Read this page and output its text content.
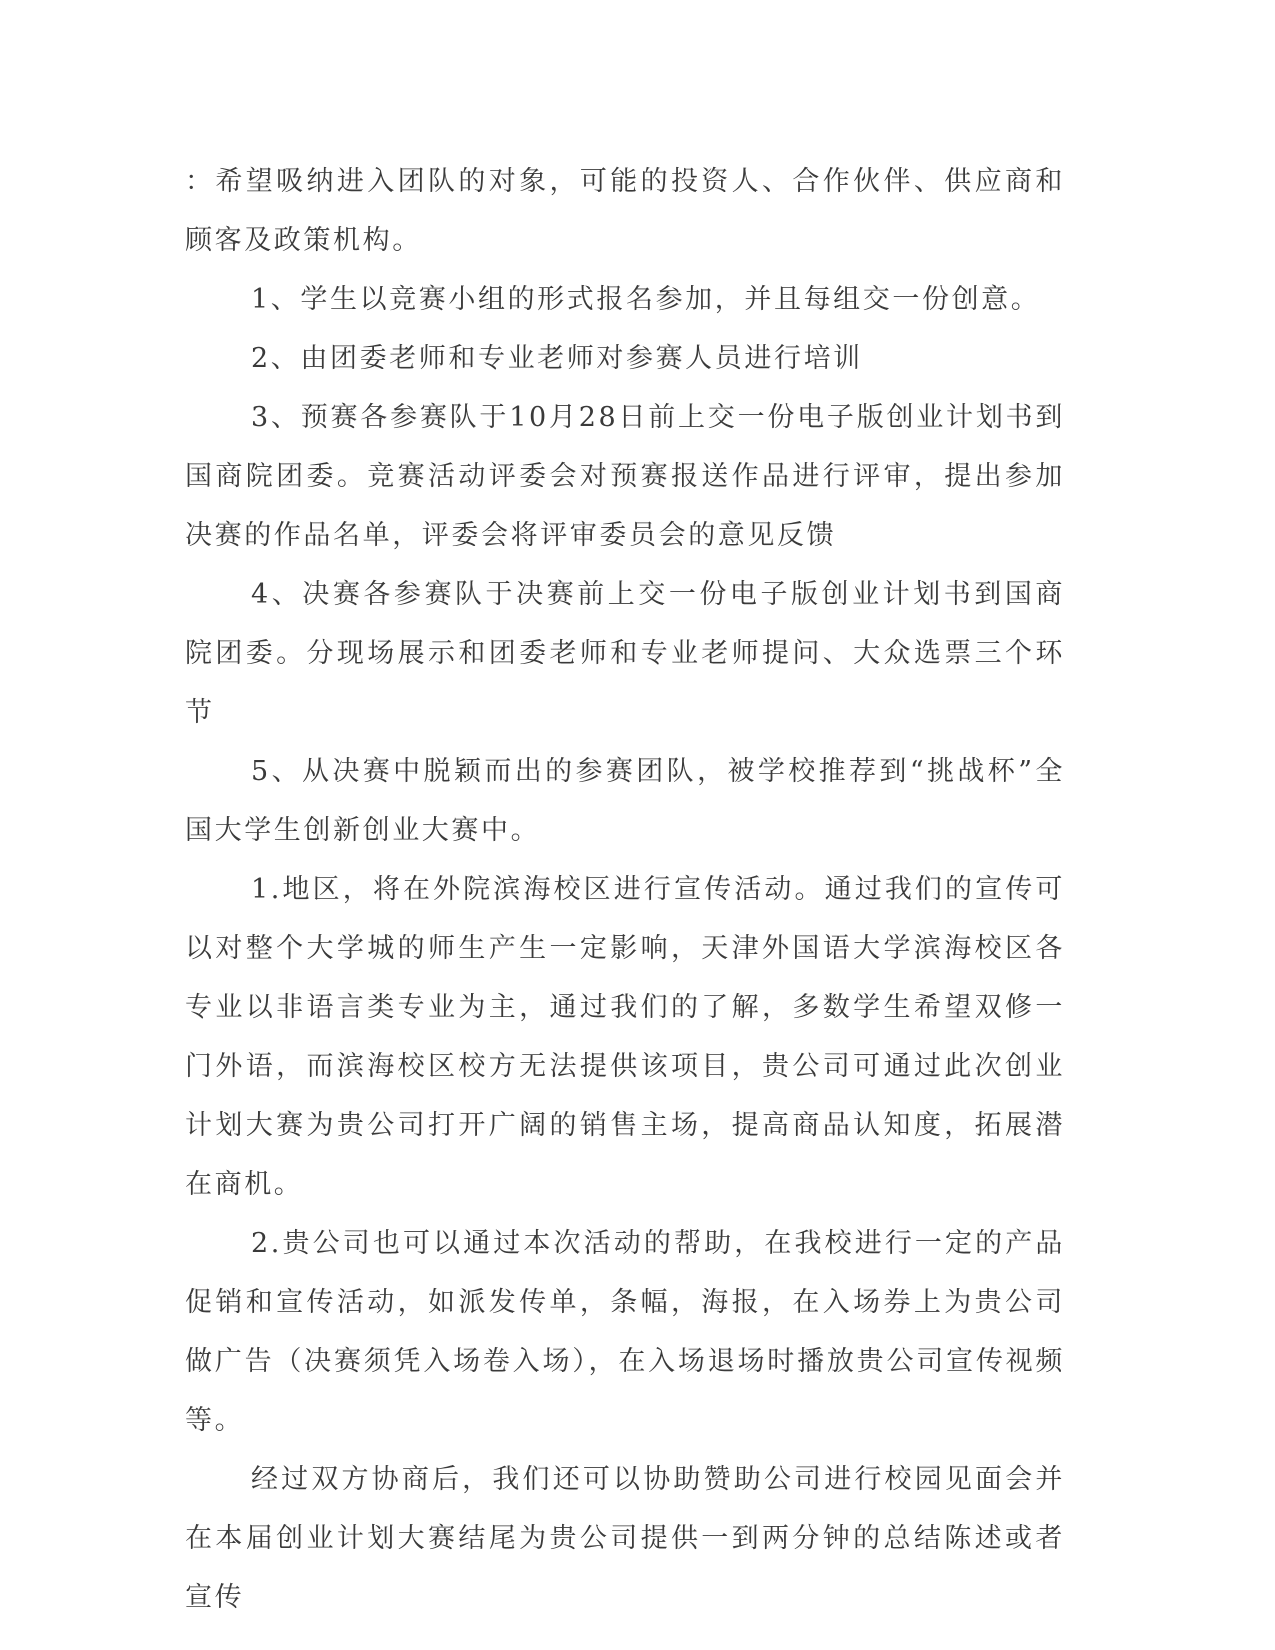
：希望吸纳进入团队的对象，可能的投资人、合作伙伴、供应商和顾客及政策机构。

1、学生以竞赛小组的形式报名参加，并且每组交一份创意。

2、由团委老师和专业老师对参赛人员进行培训

3、预赛各参赛队于10月28日前上交一份电子版创业计划书到国商院团委。竞赛活动评委会对预赛报送作品进行评审，提出参加决赛的作品名单，评委会将评审委员会的意见反馈

4、决赛各参赛队于决赛前上交一份电子版创业计划书到国商院团委。分现场展示和团委老师和专业老师提问、大众选票三个环节

5、从决赛中脱颖而出的参赛团队，被学校推荐到“挑战杯”全国大学生创新创业大赛中。

1.地区，将在外院滨海校区进行宣传活动。通过我们的宣传可以对整个大学城的师生产生一定影响，天津外国语大学滨海校区各专业以非语言类专业为主，通过我们的了解，多数学生希望双修一门外语，而滨海校区校方无法提供该项目，贵公司可通过此次创业计划大赛为贵公司打开广阔的销售主场，提高商品认知度，拓展潜在商机。

2.贵公司也可以通过本次活动的帮助，在我校进行一定的产品促销和宣传活动，如派发传单，条幅，海报，在入场券上为贵公司做广告（决赛须凭入场卷入场），在入场退场时播放贵公司宣传视频等。

经过双方协商后，我们还可以协助赞助公司进行校园见面会并在本届创业计划大赛结尾为贵公司提供一到两分钟的总结陈述或者宣传
